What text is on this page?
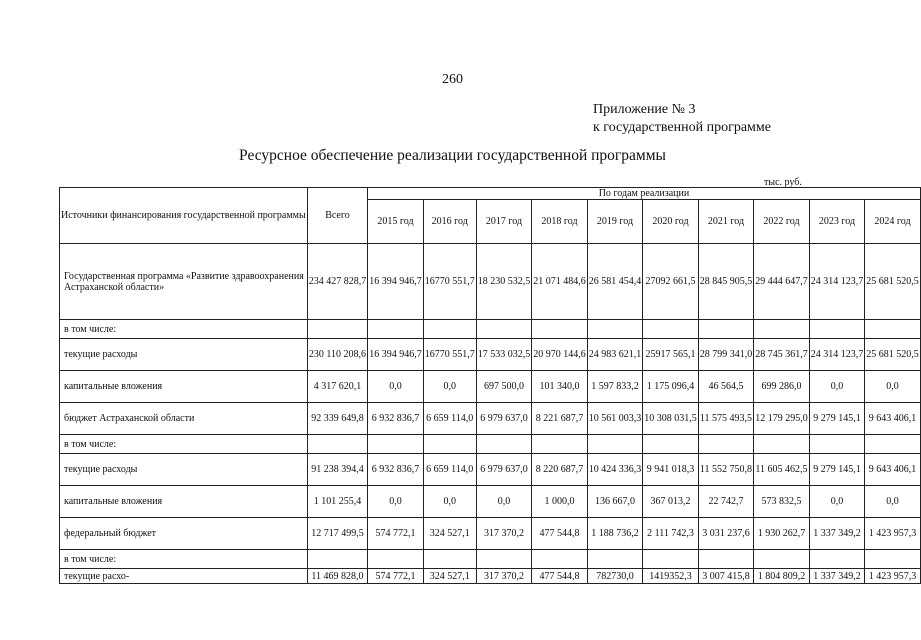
260
Приложение № 3
к государственной программе
Ресурсное обеспечение реализации государственной программы
тыс. руб.
Источники финансирования государственной программы	Всего	По годам реализации									
		2015 год	2016 год	2017 год	2018 год	2019 год	2020 год	2021 год	2022 год	2023 год	2024 год
Государственная программа «Развитие здравоохранения Астраханской области»	234 427 828,7	16 394 946,7	16770 551,7	18 230 532,5	21 071 484,6	26 581 454,4	27092 661,5	28 845 905,5	29 444 647,7	24 314 123,7	25 681 520,5
в том числе:											
текущие расходы	230 110 208,6	16 394 946,7	16770 551,7	17 533 032,5	20 970 144,6	24 983 621,1	25917 565,1	28 799 341,0	28 745 361,7	24 314 123,7	25 681 520,5
капитальные вложения	4 317 620,1	0,0	0,0	697 500,0	101 340,0	1 597 833,2	1 175 096,4	46 564,5	699 286,0	0,0	0,0
бюджет Астраханской области	92 339 649,8	6 932 836,7	6 659 114,0	6 979 637,0	8 221 687,7	10 561 003,3	10 308 031,5	11 575 493,5	12 179 295,0	9 279 145,1	9 643 406,1
в том числе:											
текущие расходы	91 238 394,4	6 932 836,7	6 659 114,0	6 979 637,0	8 220 687,7	10 424 336,3	9 941 018,3	11 552 750,8	11 605 462,5	9 279 145,1	9 643 406,1
капитальные вложения	1 101 255,4	0,0	0,0	0,0	1 000,0	136 667,0	367 013,2	22 742,7	573 832,5	0,0	0,0
федеральный бюджет	12 717 499,5	574 772,1	324 527,1	317 370,2	477 544,8	1 188 736,2	2 111 742,3	3 031 237,6	1 930 262,7	1 337 349,2	1 423 957,3
в том числе:											
текущие расхо-	11 469 828,0	574 772,1	324 527,1	317 370,2	477 544,8	782730,0	1419352,3	3 007 415,8	1 804 809,2	1 337 349,2	1 423 957,3
